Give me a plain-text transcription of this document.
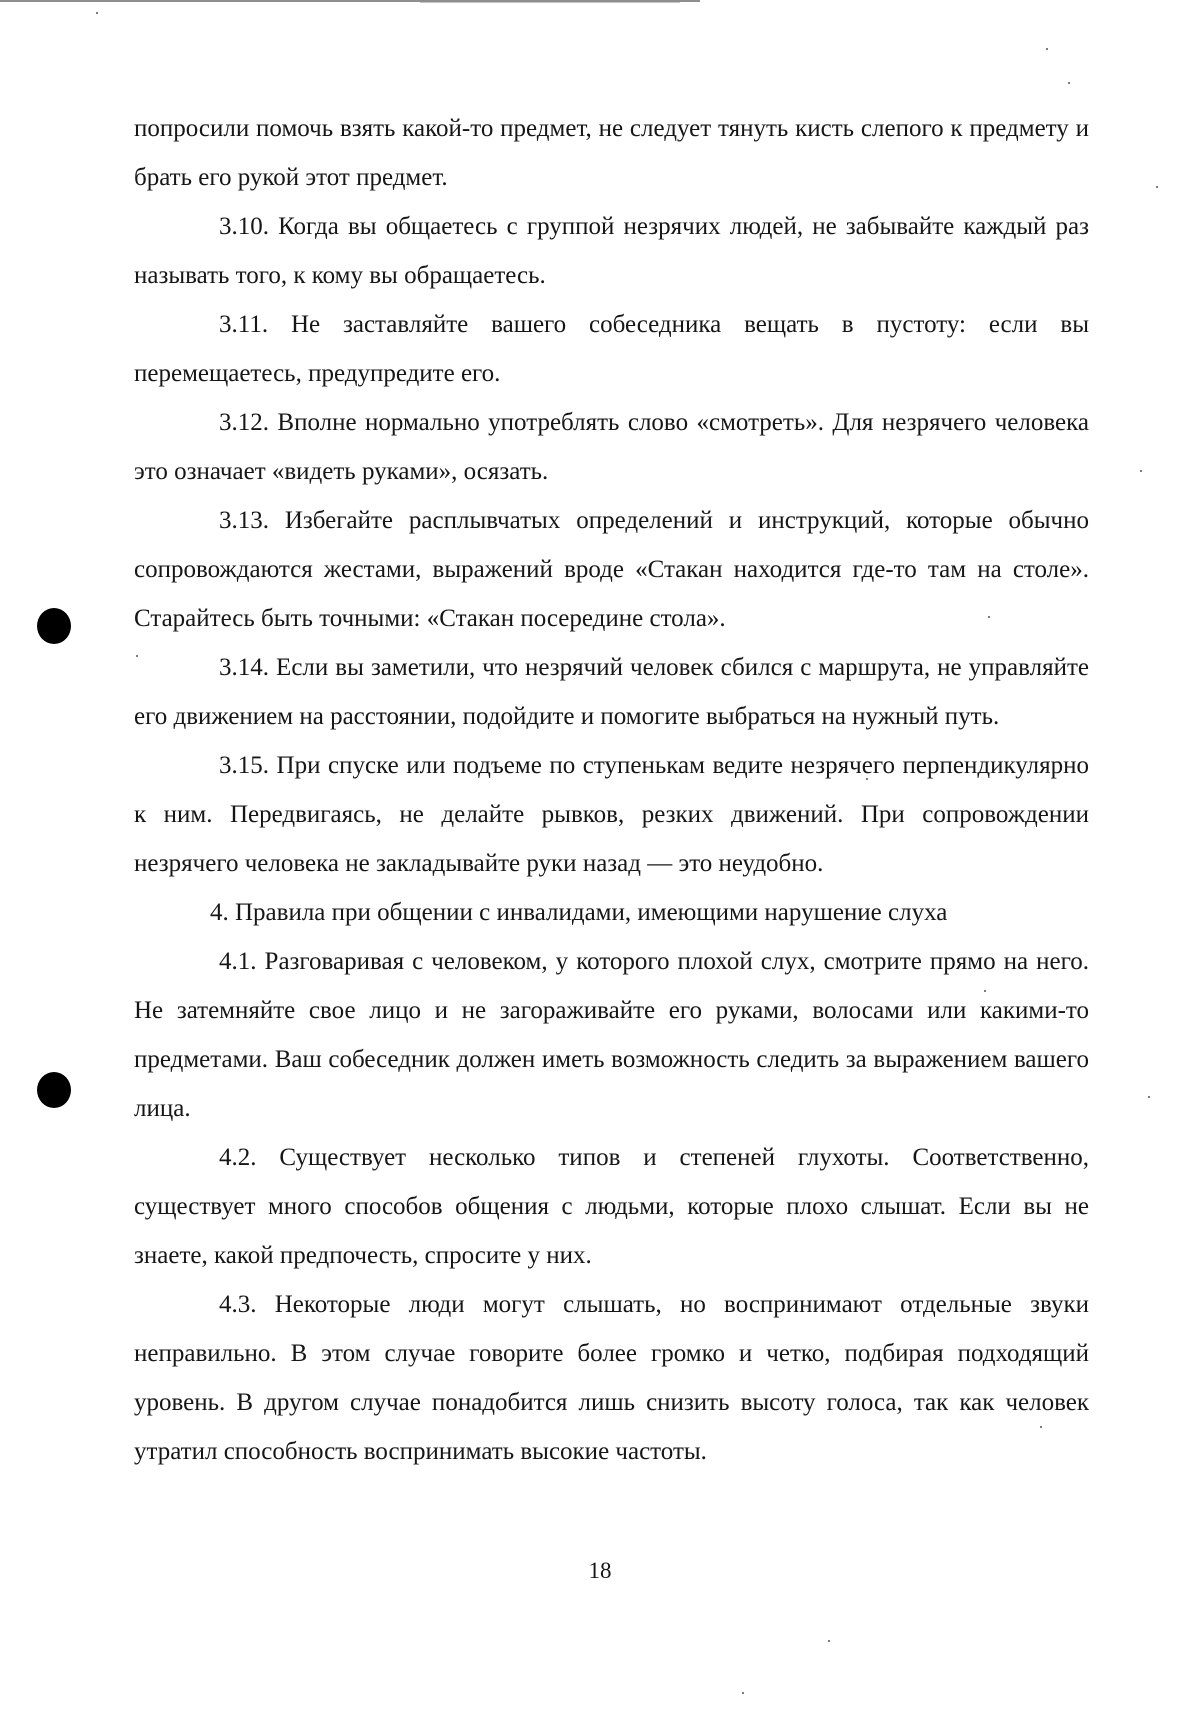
попросили помочь взять какой-то предмет, не следует тянуть кисть слепого к предмету и брать его рукой этот предмет.

3.10. Когда вы общаетесь с группой незрячих людей, не забывайте каждый раз называть того, к кому вы обращаетесь.

3.11. Не заставляйте вашего собеседника вещать в пустоту: если вы перемещаетесь, предупредите его.

3.12. Вполне нормально употреблять слово «смотреть». Для незрячего человека это означает «видеть руками», осязать.

3.13. Избегайте расплывчатых определений и инструкций, которые обычно сопровождаются жестами, выражений вроде «Стакан находится где-то там на столе». Старайтесь быть точными: «Стакан посередине стола».

3.14. Если вы заметили, что незрячий человек сбился с маршрута, не управляйте его движением на расстоянии, подойдите и помогите выбраться на нужный путь.

3.15. При спуске или подъеме по ступенькам ведите незрячего перпендикулярно к ним. Передвигаясь, не делайте рывков, резких движений. При сопровождении незрячего человека не закладывайте руки назад — это неудобно.

4. Правила при общении с инвалидами, имеющими нарушение слуха

4.1. Разговаривая с человеком, у которого плохой слух, смотрите прямо на него. Не затемняйте свое лицо и не загораживайте его руками, волосами или какими-то предметами. Ваш собеседник должен иметь возможность следить за выражением вашего лица.

4.2. Существует несколько типов и степеней глухоты. Соответственно, существует много способов общения с людьми, которые плохо слышат. Если вы не знаете, какой предпочесть, спросите у них.

4.3. Некоторые люди могут слышать, но воспринимают отдельные звуки неправильно. В этом случае говорите более громко и четко, подбирая подходящий уровень. В другом случае понадобится лишь снизить высоту голоса, так как человек утратил способность воспринимать высокие частоты.

18
